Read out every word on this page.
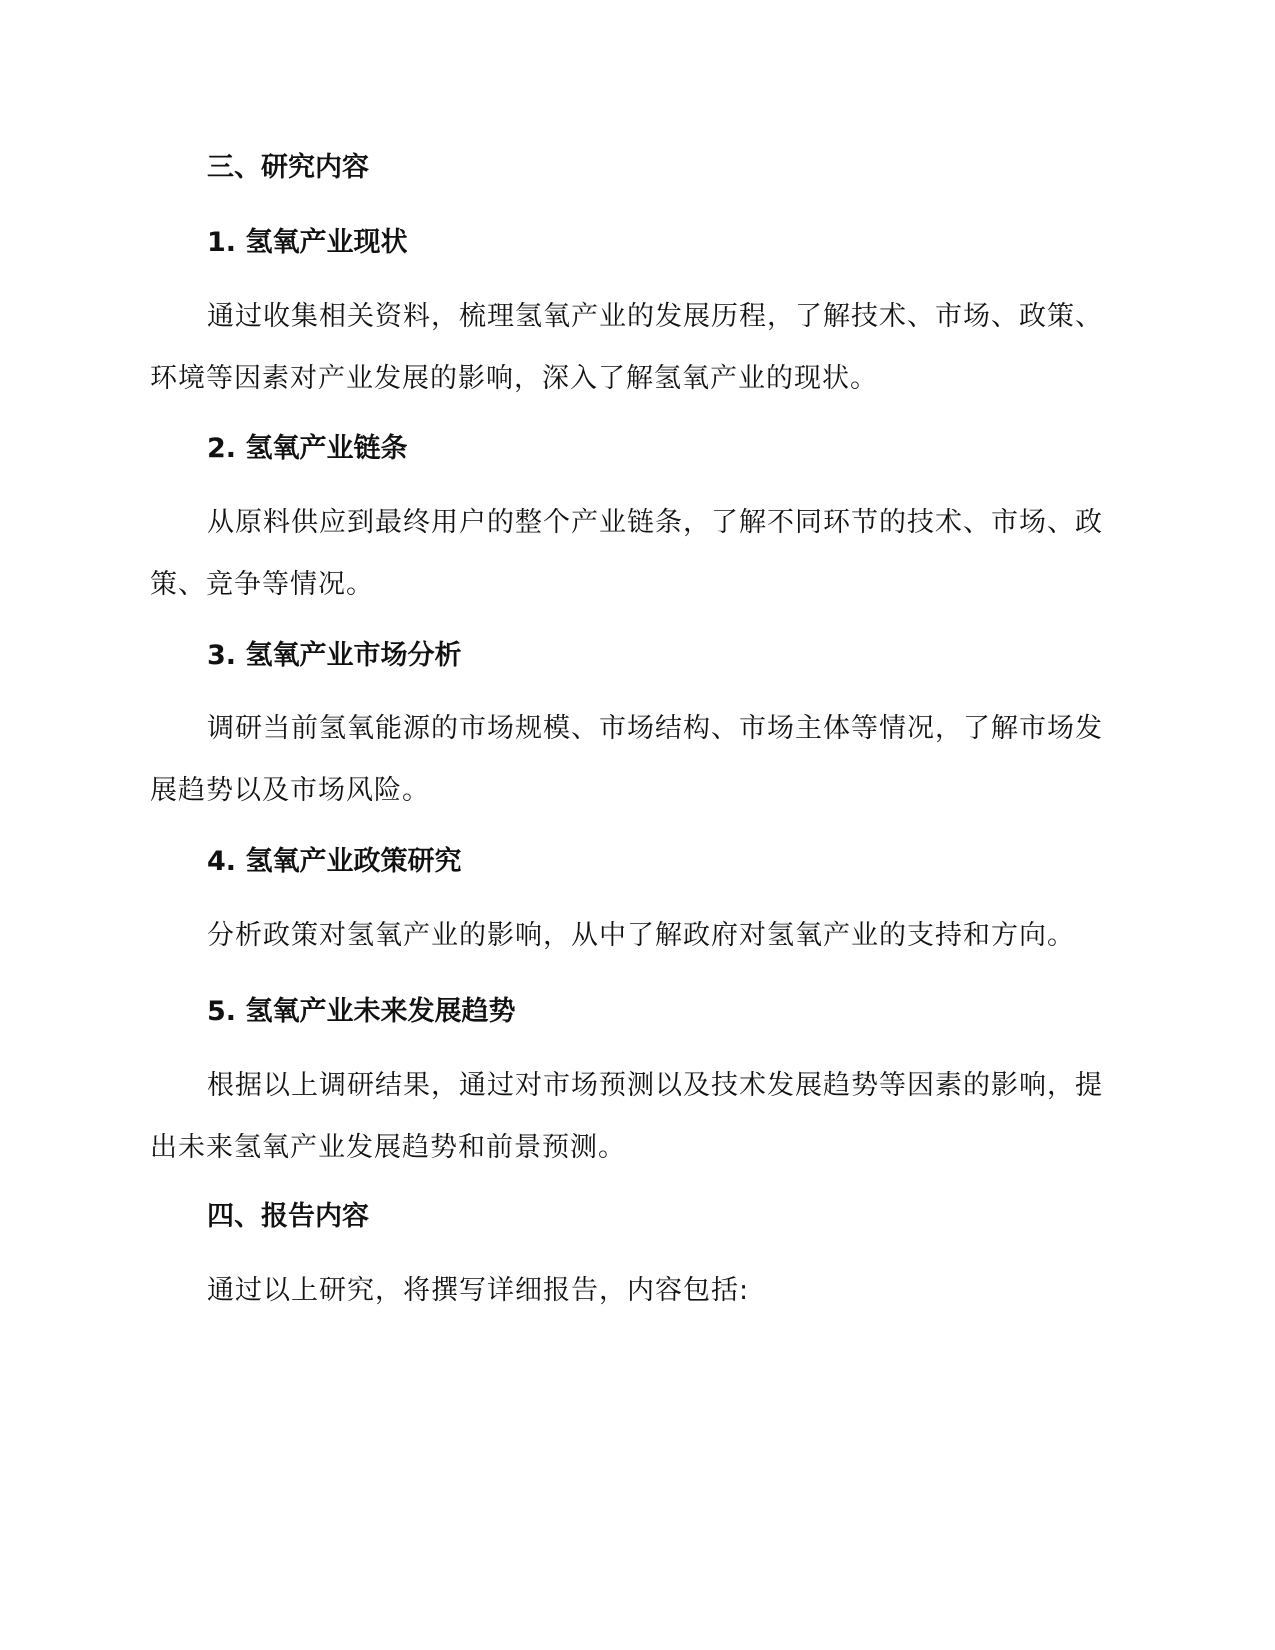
三、研究内容
1. 氢氧产业现状
通过收集相关资料，梳理氢氧产业的发展历程，了解技术、市场、政策、环境等因素对产业发展的影响，深入了解氢氧产业的现状。
2. 氢氧产业链条
从原料供应到最终用户的整个产业链条，了解不同环节的技术、市场、政策、竞争等情况。
3. 氢氧产业市场分析
调研当前氢氧能源的市场规模、市场结构、市场主体等情况，了解市场发展趋势以及市场风险。
4. 氢氧产业政策研究
分析政策对氢氧产业的影响，从中了解政府对氢氧产业的支持和方向。
5. 氢氧产业未来发展趋势
根据以上调研结果，通过对市场预测以及技术发展趋势等因素的影响，提出未来氢氧产业发展趋势和前景预测。
四、报告内容
通过以上研究，将撰写详细报告，内容包括:
